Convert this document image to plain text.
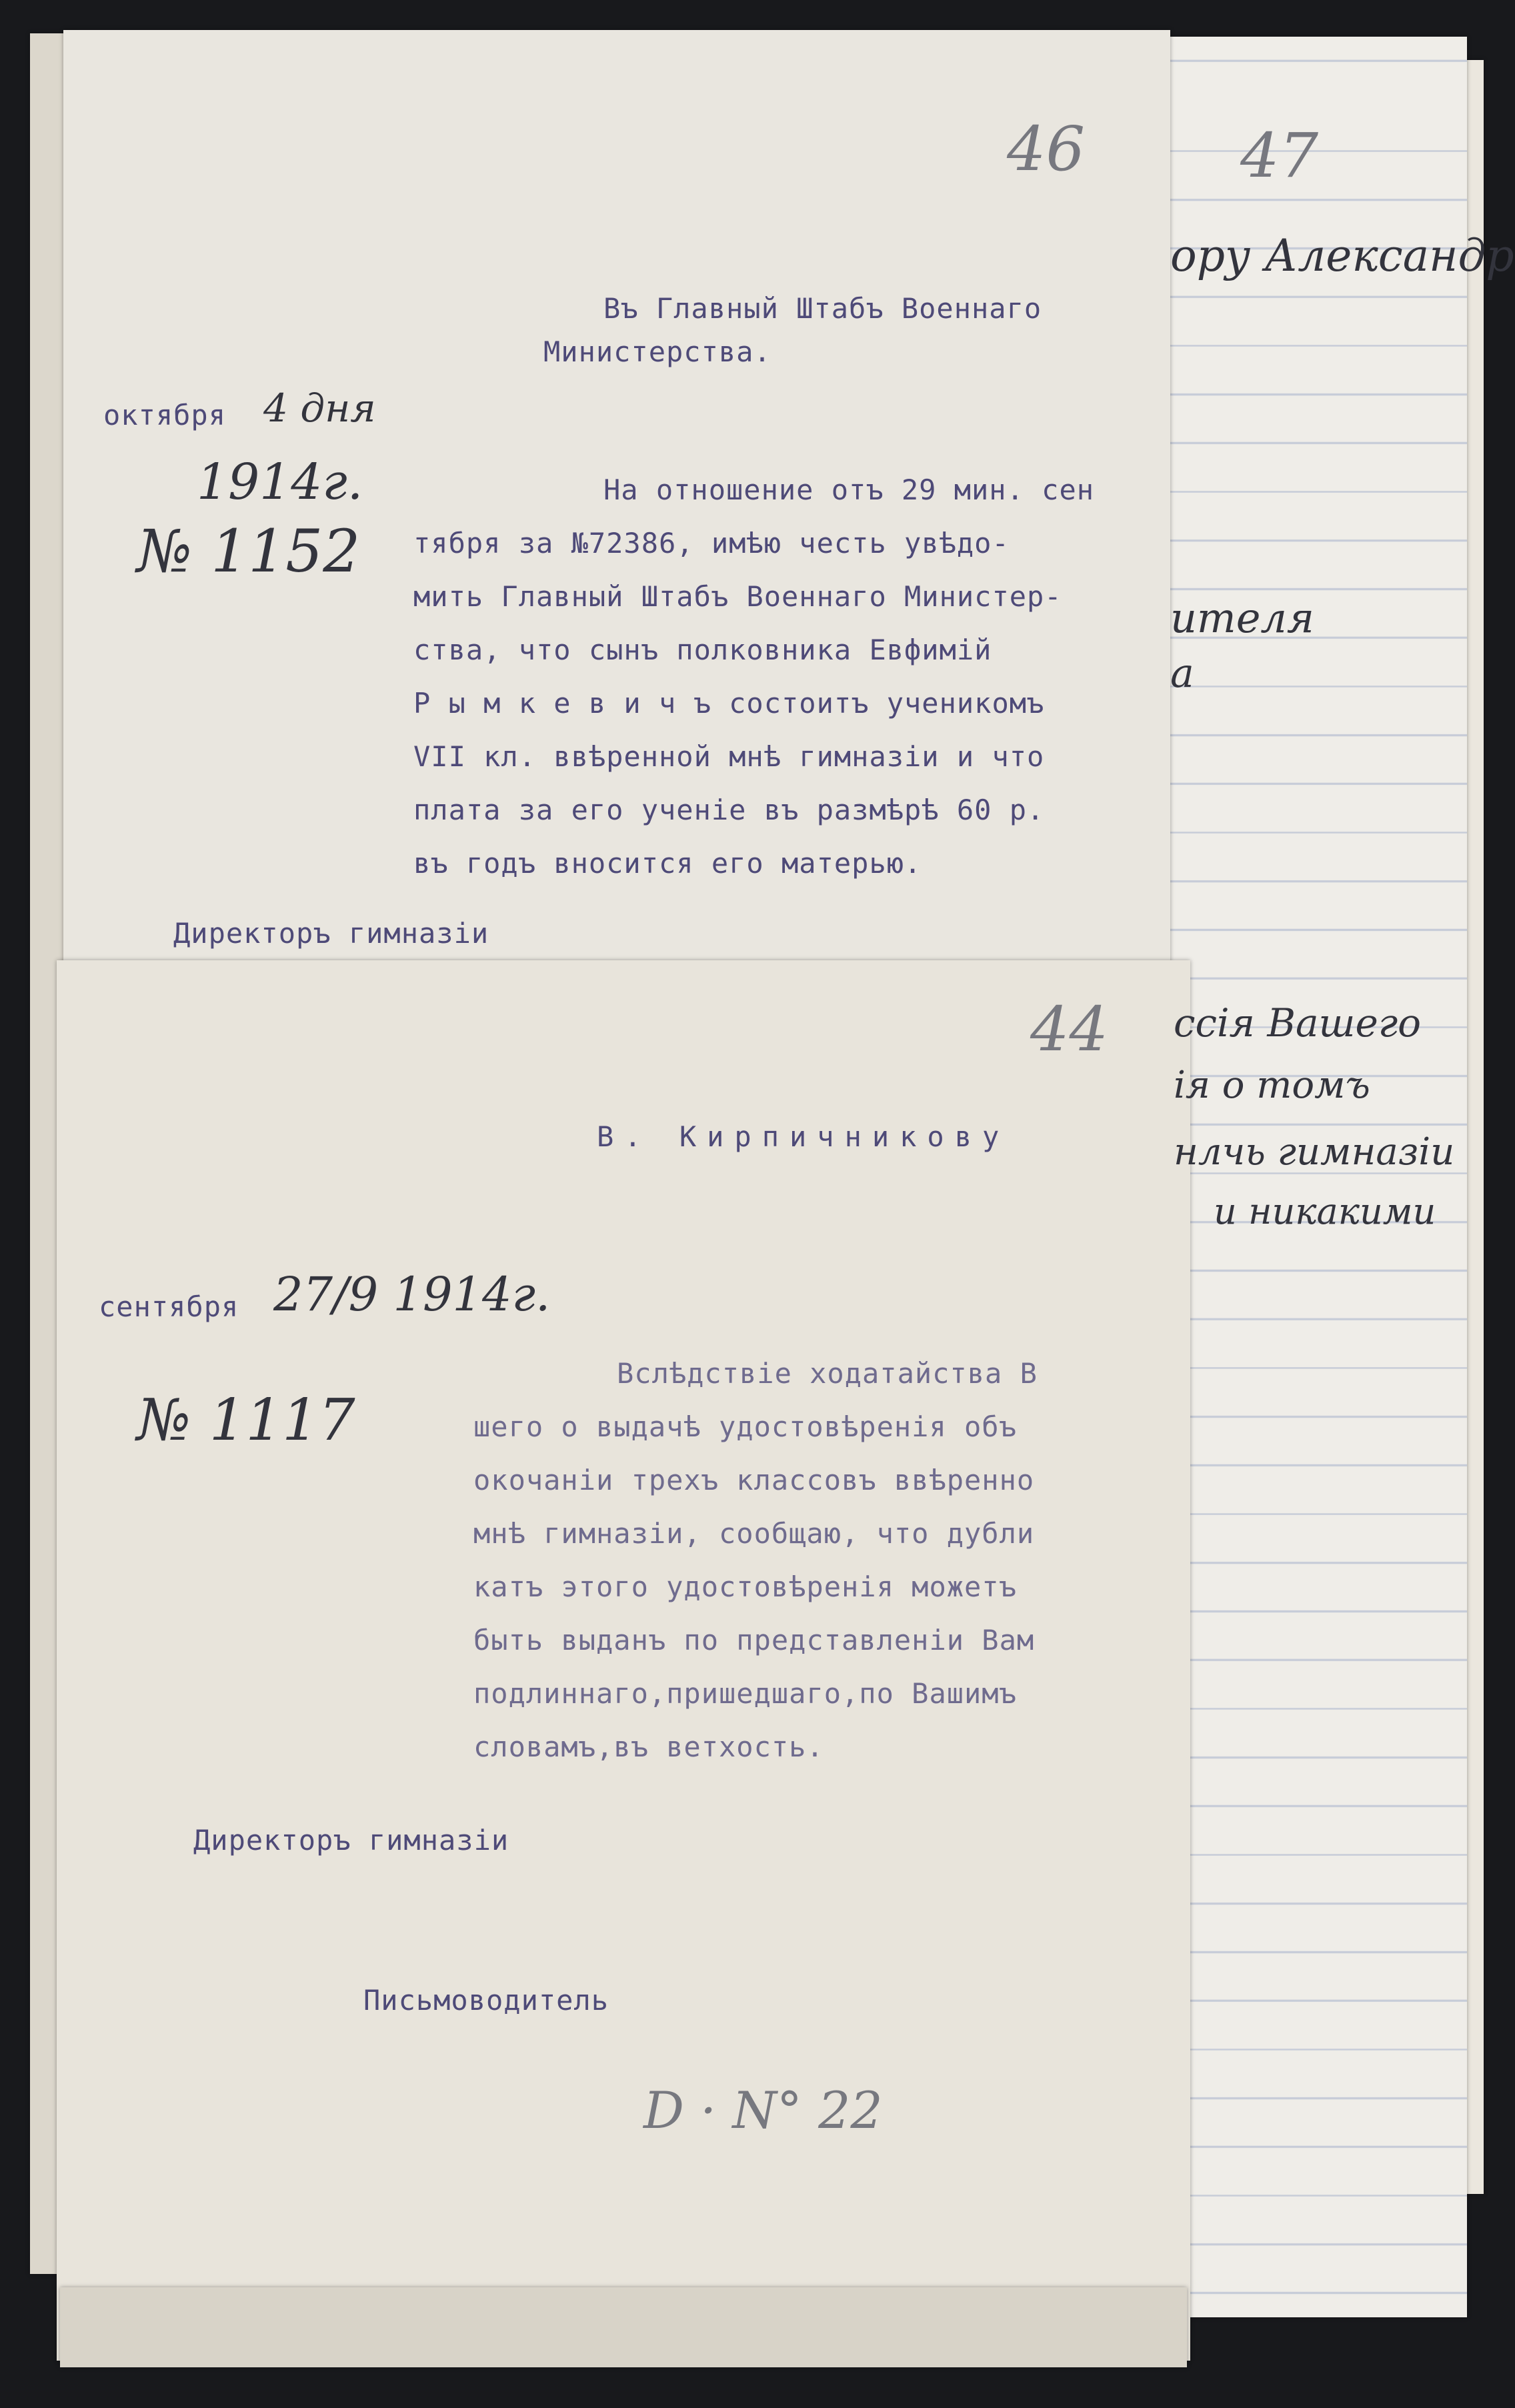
ору Александр
ителя
а
ссія Вашего
ія о томъ
нлчь гимназіи
и никакими
46	47
44
Въ Главный Штабъ Военнаго
Министерства.
октября 4 дня
1914г.
№ 1152
На отношение отъ 29 мин. сен
тября за №72386, имѣю честь увѣдо-
мить Главный Штабъ Военнаго Министер-
ства, что сынъ полковника Евфимій
Р ы м к е в и ч ъ состоитъ ученикомъ
VII кл. ввѣренной мнѣ гимназіи и что
плата за его ученіе въ размѣрѣ 60 р.
въ годъ вносится его матерью.
Директоръ гимназіи
В. Кирпичникову
сентября 27/9 1914г.
№ 1117
Вслѣдствіе ходатайства В
шего о выдачѣ удостовѣренія объ
окочаніи трехъ классовъ ввѣренно
мнѣ гимназіи, сообщаю, что дубли
катъ этого удостовѣренія можетъ
быть выданъ по представленіи Вам
подлиннаго,пришедшаго,по Вашимъ
словамъ,въ ветхость.
Директоръ гимназіи
Письмоводитель
D · N° 22
